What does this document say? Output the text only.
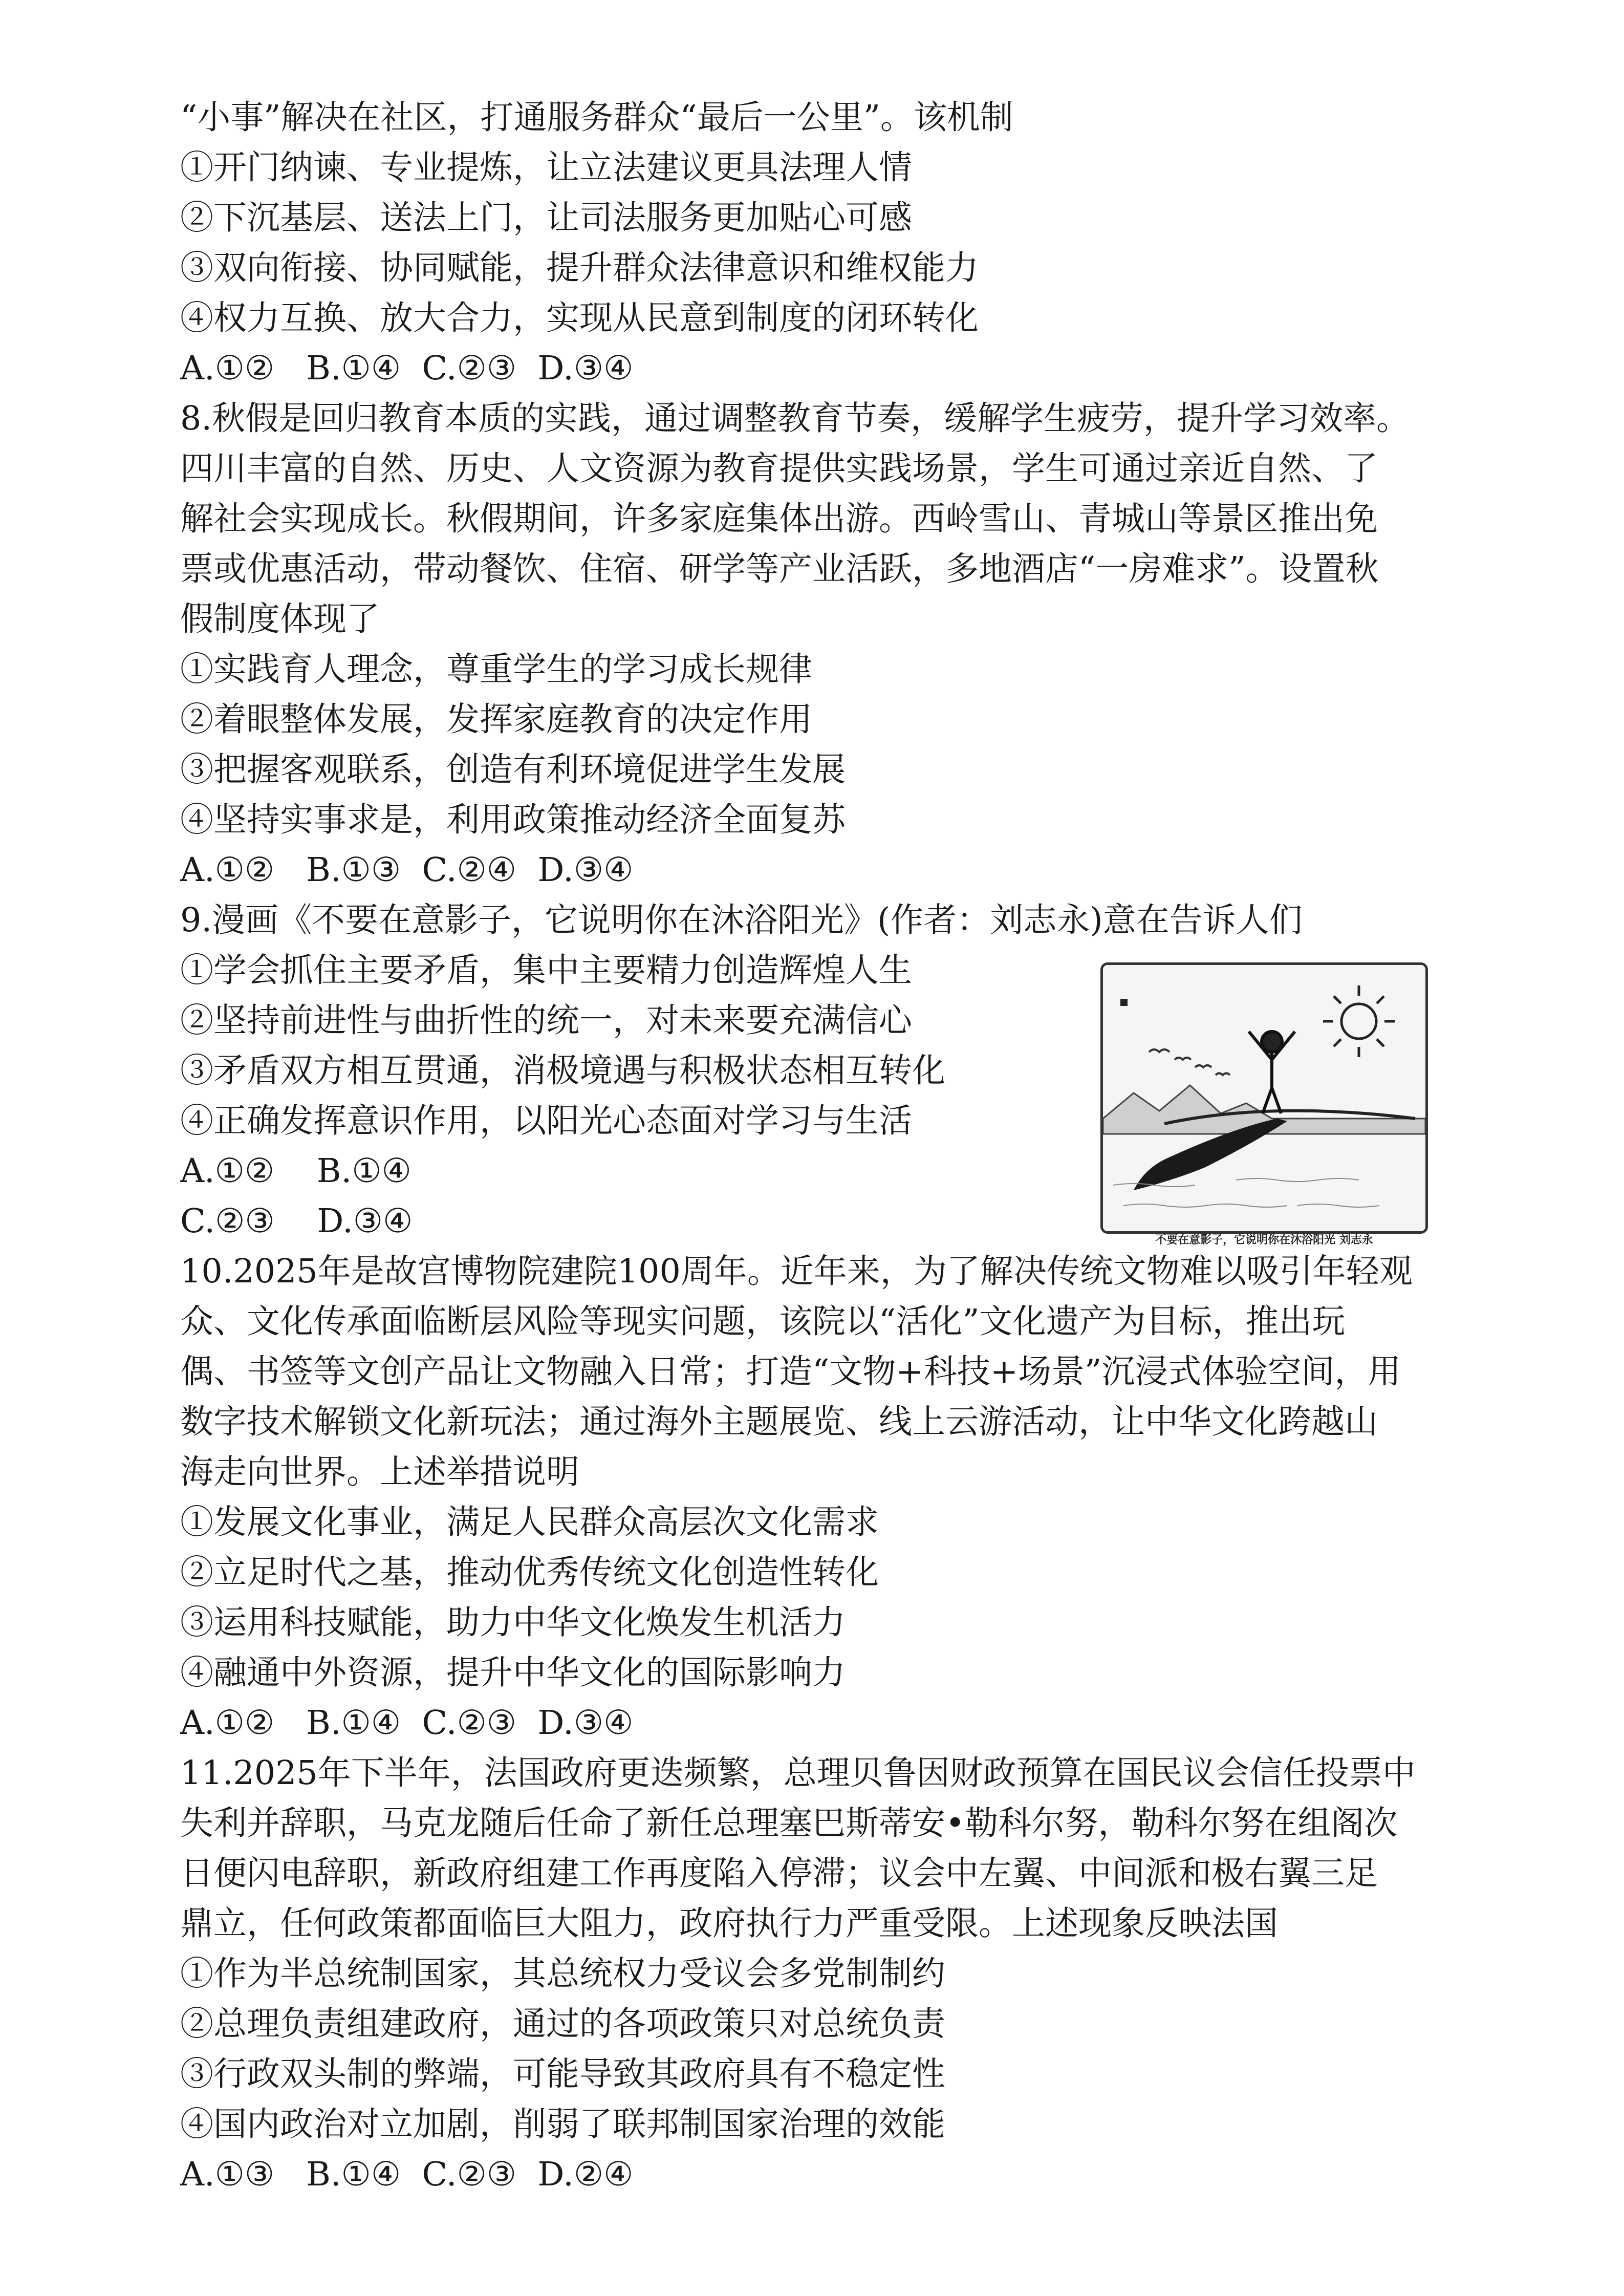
“小事”解决在社区，打通服务群众“最后一公里”。该机制
①开门纳谏、专业提炼，让立法建议更具法理人情
②下沉基层、送法上门，让司法服务更加贴心可感
③双向衔接、协同赋能，提升群众法律意识和维权能力
④权力互换、放大合力，实现从民意到制度的闭环转化
A.①②   B.①④  C.②③  D.③④
8.秋假是回归教育本质的实践，通过调整教育节奏，缓解学生疲劳，提升学习效率。
四川丰富的自然、历史、人文资源为教育提供实践场景，学生可通过亲近自然、了
解社会实现成长。秋假期间，许多家庭集体出游。西岭雪山、青城山等景区推出免
票或优惠活动，带动餐饮、住宿、研学等产业活跃，多地酒店“一房难求”。设置秋
假制度体现了
①实践育人理念，尊重学生的学习成长规律
②着眼整体发展，发挥家庭教育的决定作用
③把握客观联系，创造有利环境促进学生发展
④坚持实事求是，利用政策推动经济全面复苏
A.①②   B.①③  C.②④  D.③④
9.漫画《不要在意影子，它说明你在沐浴阳光》(作者：刘志永)意在告诉人们
①学会抓住主要矛盾，集中主要精力创造辉煌人生
②坚持前进性与曲折性的统一，对未来要充满信心
③矛盾双方相互贯通，消极境遇与积极状态相互转化
④正确发挥意识作用，以阳光心态面对学习与生活
A.①②    B.①④
C.②③    D.③④	不要在意影子，它说明你在沐浴阳光 刘志永
10.2025年是故宫博物院建院100周年。近年来，为了解决传统文物难以吸引年轻观
众、文化传承面临断层风险等现实问题，该院以“活化”文化遗产为目标，推出玩
偶、书签等文创产品让文物融入日常；打造“文物+科技+场景”沉浸式体验空间，用
数字技术解锁文化新玩法；通过海外主题展览、线上云游活动，让中华文化跨越山
海走向世界。上述举措说明
①发展文化事业，满足人民群众高层次文化需求
②立足时代之基，推动优秀传统文化创造性转化
③运用科技赋能，助力中华文化焕发生机活力
④融通中外资源，提升中华文化的国际影响力
A.①②   B.①④  C.②③  D.③④
11.2025年下半年，法国政府更迭频繁，总理贝鲁因财政预算在国民议会信任投票中
失利并辞职，马克龙随后任命了新任总理塞巴斯蒂安•勒科尔努，勒科尔努在组阁次
日便闪电辞职，新政府组建工作再度陷入停滞；议会中左翼、中间派和极右翼三足
鼎立，任何政策都面临巨大阻力，政府执行力严重受限。上述现象反映法国
①作为半总统制国家，其总统权力受议会多党制制约
②总理负责组建政府，通过的各项政策只对总统负责
③行政双头制的弊端，可能导致其政府具有不稳定性
④国内政治对立加剧，削弱了联邦制国家治理的效能
A.①③   B.①④  C.②③  D.②④
